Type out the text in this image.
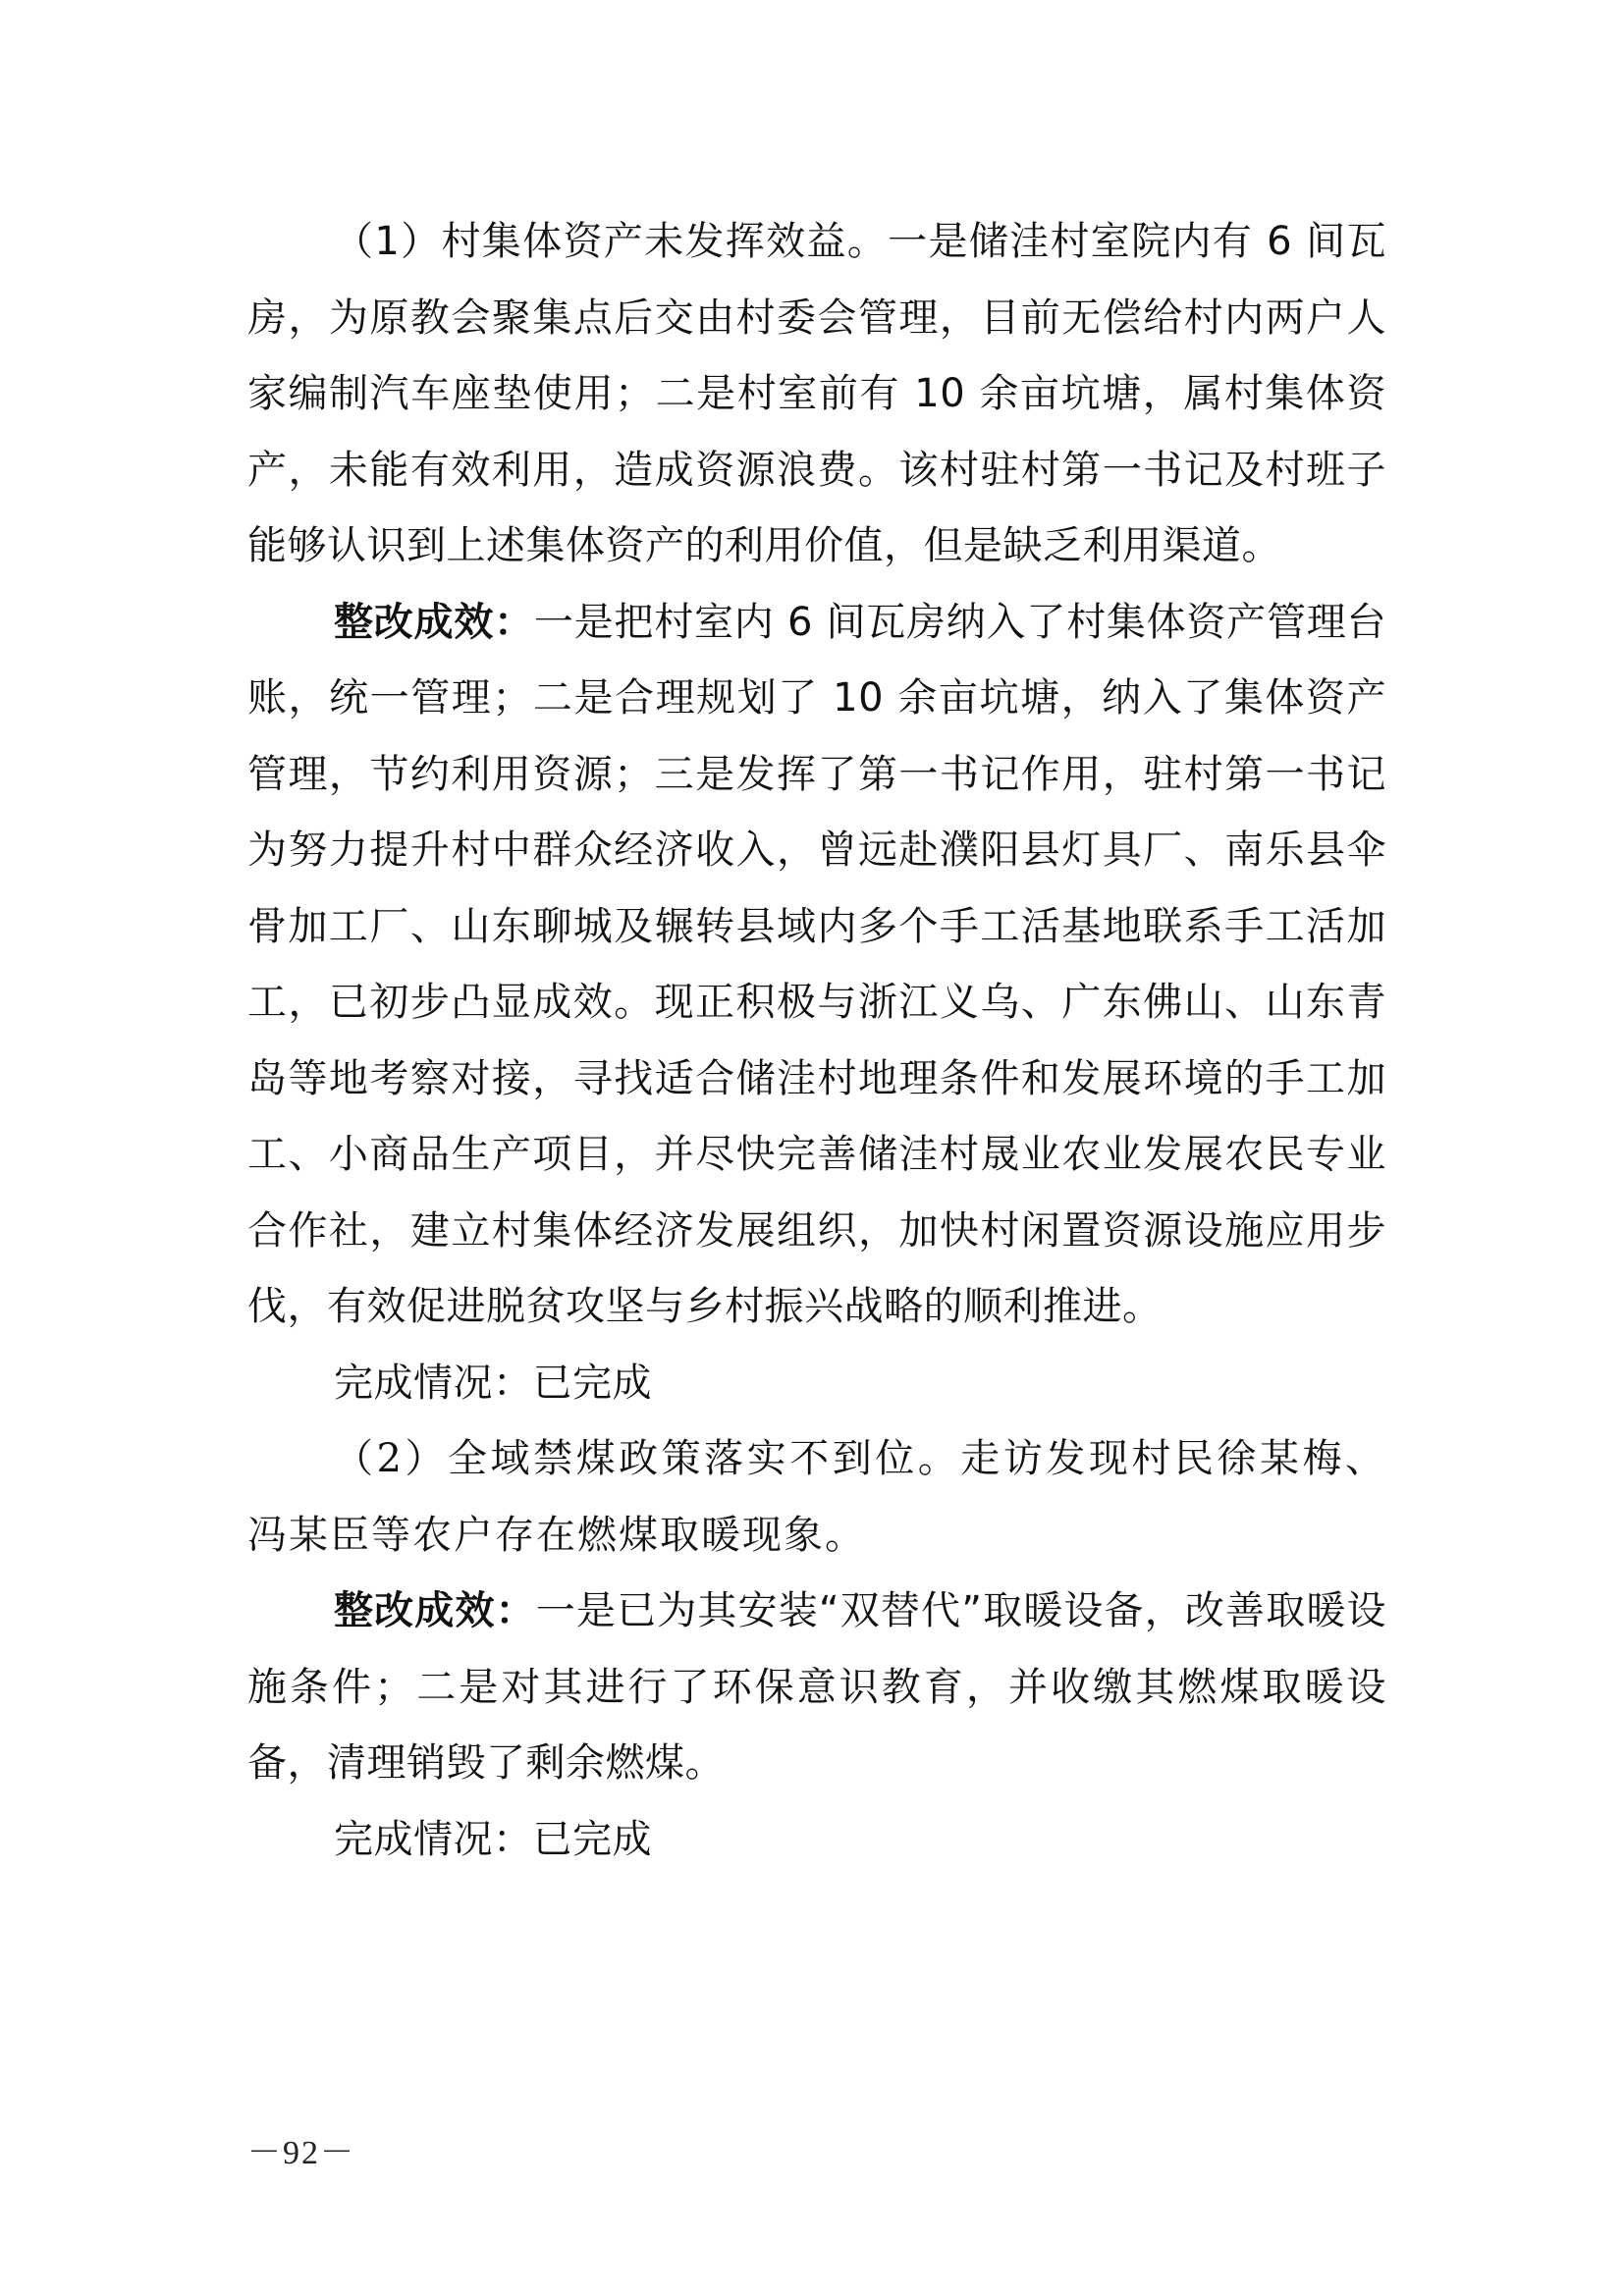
（1）村集体资产未发挥效益。一是储洼村室院内有 6 间瓦房，为原教会聚集点后交由村委会管理，目前无偿给村内两户人家编制汽车座垫使用；二是村室前有 10 余亩坑塘，属村集体资产，未能有效利用，造成资源浪费。该村驻村第一书记及村班子能够认识到上述集体资产的利用价值，但是缺乏利用渠道。

整改成效：一是把村室内 6 间瓦房纳入了村集体资产管理台账，统一管理；二是合理规划了 10 余亩坑塘，纳入了集体资产管理，节约利用资源；三是发挥了第一书记作用，驻村第一书记为努力提升村中群众经济收入，曾远赴濮阳县灯具厂、南乐县伞骨加工厂、山东聊城及辗转县域内多个手工活基地联系手工活加工，已初步凸显成效。现正积极与浙江义乌、广东佛山、山东青岛等地考察对接，寻找适合储洼村地理条件和发展环境的手工加工、小商品生产项目，并尽快完善储洼村晟业农业发展农民专业合作社，建立村集体经济发展组织，加快村闲置资源设施应用步伐，有效促进脱贫攻坚与乡村振兴战略的顺利推进。

完成情况：已完成

（2）全域禁煤政策落实不到位。走访发现村民徐某梅、冯某臣等农户存在燃煤取暖现象。

整改成效：一是已为其安装“双替代”取暖设备，改善取暖设施条件；二是对其进行了环保意识教育，并收缴其燃煤取暖设备，清理销毁了剩余燃煤。

完成情况：已完成

－92－
